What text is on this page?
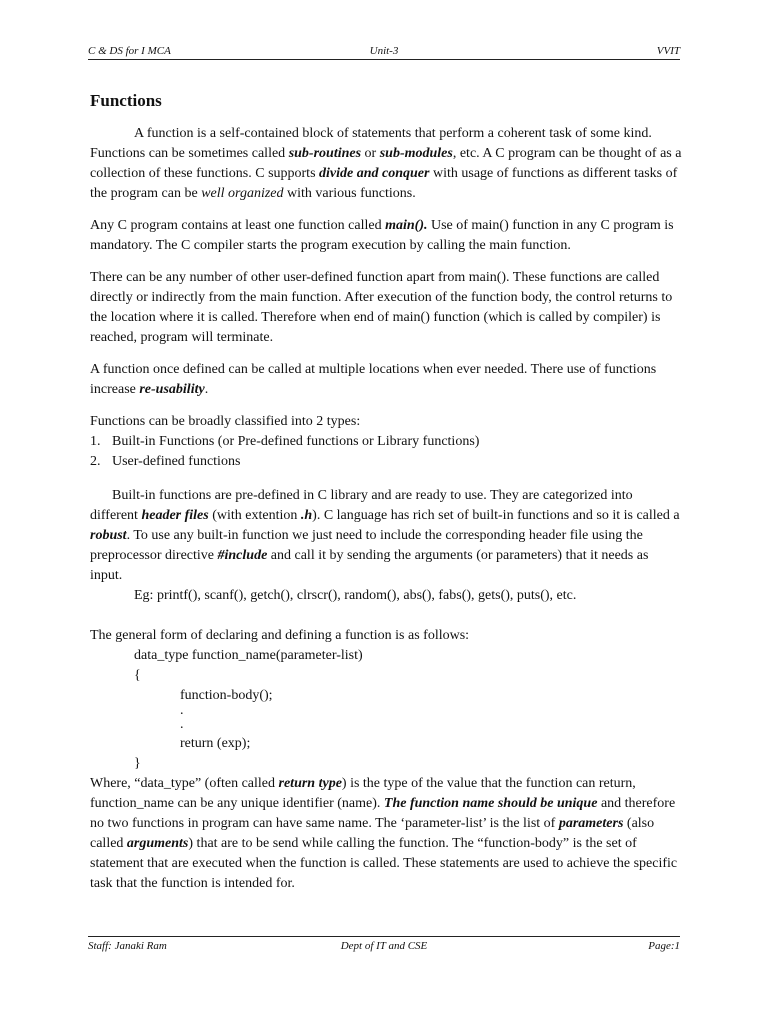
C & DS for I MCA	Unit-3	VVIT
Functions

A function is a self-contained block of statements that perform a coherent task of some kind. Functions can be sometimes called sub-routines or sub-modules, etc. A C program can be thought of as a collection of these functions. C supports divide and conquer with usage of functions as different tasks of the program can be well organized with various functions.

Any C program contains at least one function called main(). Use of main() function in any C program is mandatory. The C compiler starts the program execution by calling the main function.

There can be any number of other user-defined function apart from main(). These functions are called directly or indirectly from the main function. After execution of the function body, the control returns to the location where it is called. Therefore when end of main() function (which is called by compiler) is reached, program will terminate.

A function once defined can be called at multiple locations when ever needed. There use of functions increase re-usability.

Functions can be broadly classified into 2 types:
1. Built-in Functions (or Pre-defined functions or Library functions)
2. User-defined functions

Built-in functions are pre-defined in C library and are ready to use. They are categorized into different header files (with extention .h). C language has rich set of built-in functions and so it is called a robust. To use any built-in function we just need to include the corresponding header file using the preprocessor directive #include and call it by sending the arguments (or parameters) that it needs as input.

Eg: printf(), scanf(), getch(), clrscr(), random(), abs(), fabs(), gets(), puts(), etc.
The general form of declaring and defining a function is as follows:
data_type function_name(parameter-list)
{
function-body();
.
.
return (exp);
}

Where, “data_type” (often called return type) is the type of the value that the function can return, function_name can be any unique identifier (name). The function name should be unique and therefore no two functions in program can have same name. The ‘parameter-list’ is the list of parameters (also called arguments) that are to be send while calling the function. The “function-body” is the set of statement that are executed when the function is called. These statements are used to achieve the specific task that the function is intended for.

Staff: Janaki Ram	Dept of IT and CSE	Page:1
